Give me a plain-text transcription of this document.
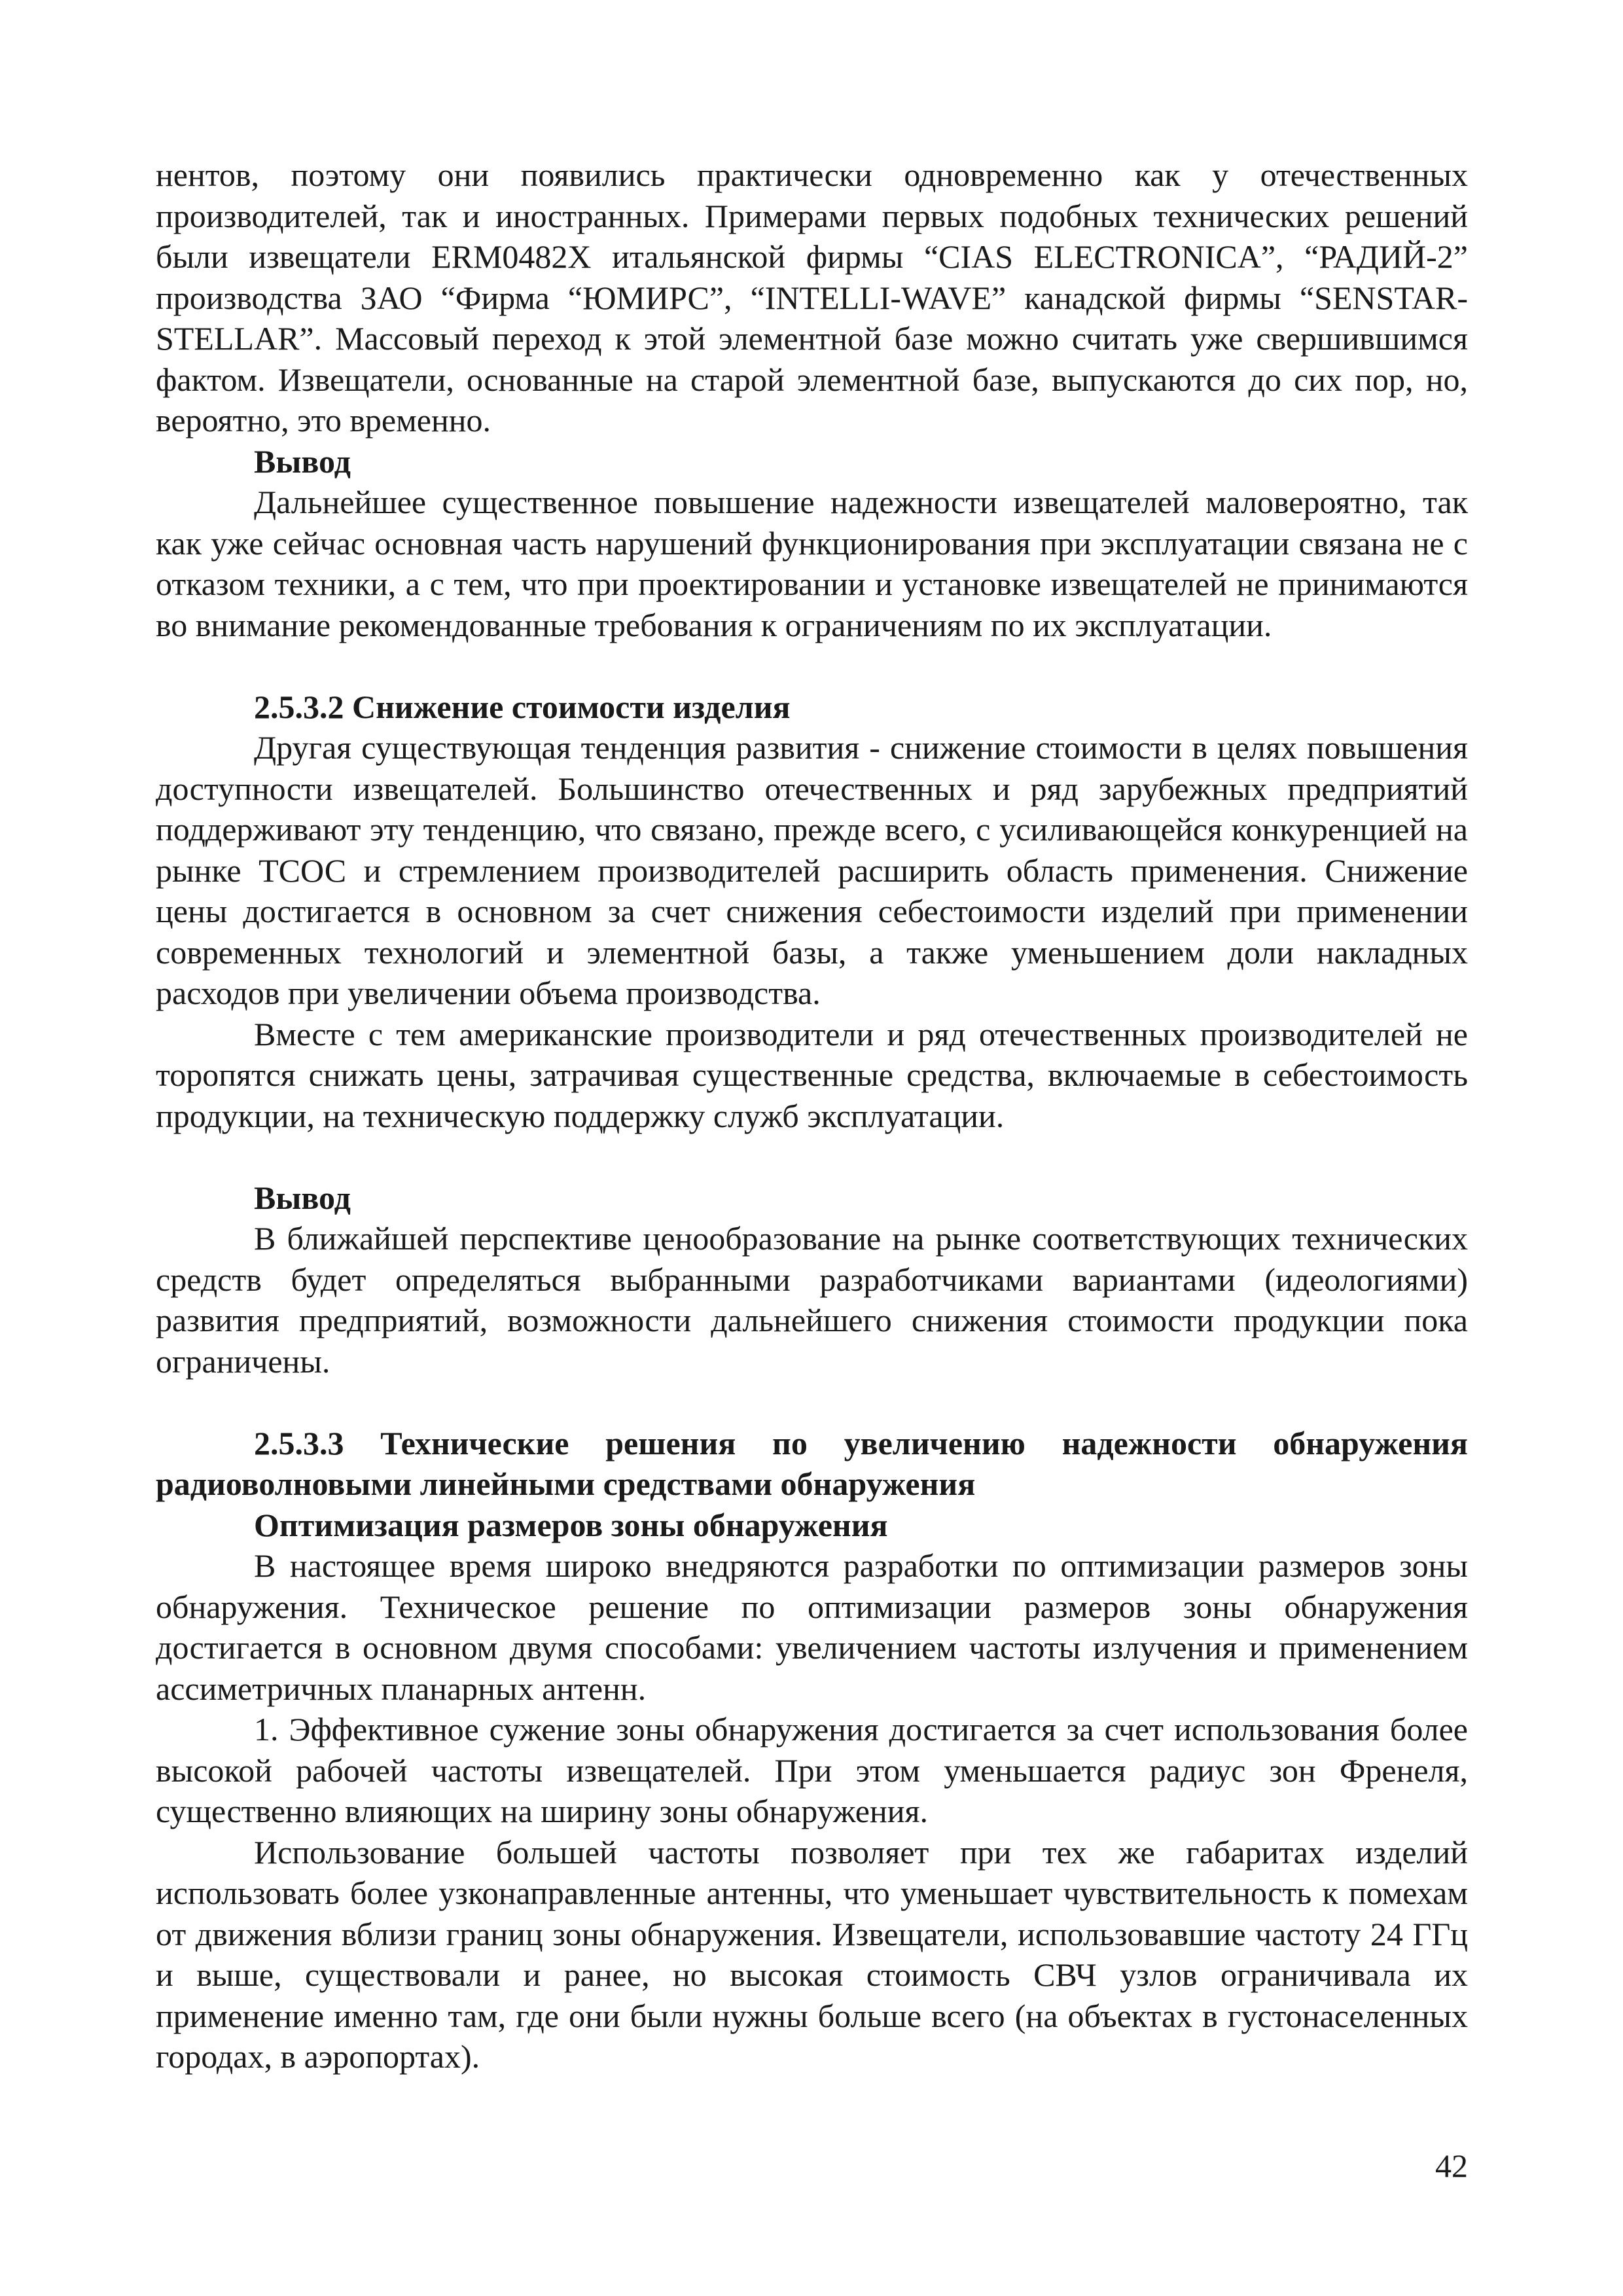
нентов, поэтому они появились практически одновременно как у отечественных производителей, так и иностранных. Примерами первых подобных технических решений были извещатели ERM0482X итальянской фирмы “CIAS ELECTRONICA”, “РАДИЙ-2” производства ЗАО “Фирма “ЮМИРС”, “INTELLI-WAVE” канадской фирмы “SENSTAR-STELLAR”. Массовый переход к этой элементной базе можно считать уже свершившимся фактом. Извещатели, основанные на старой элементной базе, выпускаются до сих пор, но, вероятно, это временно.

Вывод

Дальнейшее существенное повышение надежности извещателей маловероятно, так как уже сейчас основная часть нарушений функционирования при эксплуатации связана не с отказом техники, а с тем, что при проектировании и установке извещателей не принимаются во внимание рекомендованные требования к ограничениям по их эксплуатации.

2.5.3.2 Снижение стоимости изделия

Другая существующая тенденция развития - снижение стоимости в целях повышения доступности извещателей. Большинство отечественных и ряд зарубежных предприятий поддерживают эту тенденцию, что связано, прежде всего, с усиливающейся конкуренцией на рынке ТСОС и стремлением производителей расширить область применения. Снижение цены достигается в основном за счет снижения себестоимости изделий при применении современных технологий и элементной базы, а также уменьшением доли накладных расходов при увеличении объема производства.

Вместе с тем американские производители и ряд отечественных производителей не торопятся снижать цены, затрачивая существенные средства, включаемые в себестоимость продукции, на техническую поддержку служб эксплуатации.

Вывод

В ближайшей перспективе ценообразование на рынке соответствующих технических средств будет определяться выбранными разработчиками вариантами (идеологиями) развития предприятий, возможности дальнейшего снижения стоимости продукции пока ограничены.

2.5.3.3 Технические решения по увеличению надежности обнаружения радиоволновыми линейными средствами обнаружения

Оптимизация размеров зоны обнаружения

В настоящее время широко внедряются разработки по оптимизации размеров зоны обнаружения. Техническое решение по оптимизации размеров зоны обнаружения достигается в основном двумя способами: увеличением частоты излучения и применением ассиметричных планарных антенн.

1. Эффективное сужение зоны обнаружения достигается за счет использования более высокой рабочей частоты извещателей. При этом уменьшается радиус зон Френеля, существенно влияющих на ширину зоны обнаружения.

Использование большей частоты позволяет при тех же габаритах изделий использовать более узконаправленные антенны, что уменьшает чувствительность к помехам от движения вблизи границ зоны обнаружения. Извещатели, использовавшие частоту 24 ГГц и выше, существовали и ранее, но высокая стоимость СВЧ узлов ограничивала их применение именно там, где они были нужны больше всего (на объектах в густонаселенных городах, в аэропортах).

42
